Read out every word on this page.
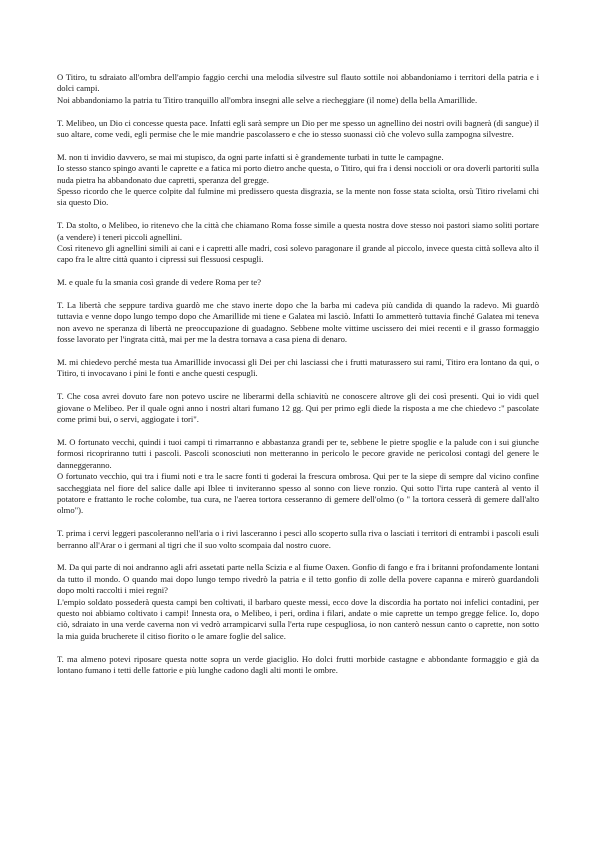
O Titiro, tu sdraiato all'ombra dell'ampio faggio cerchi una melodia silvestre sul flauto sottile noi abbandoniamo i territori della patria e i dolci campi.
Noi abbandoniamo la patria tu Titiro tranquillo all'ombra insegni alle selve a riecheggiare (il nome) della bella Amarillide.

T. Melibeo, un Dio ci concesse questa pace. Infatti egli sarà sempre un Dio per me spesso un agnellino dei nostri ovili bagnerà (di sangue) il suo altare, come vedi, egli permise che le mie mandrie pascolassero e che io stesso suonassi ciò che volevo sulla zampogna silvestre.

M. non ti invidio davvero, se mai mi stupisco, da ogni parte infatti si è grandemente turbati in tutte le campagne.
Io stesso stanco spingo avanti le caprette e a fatica mi porto dietro anche questa, o Titiro, qui fra i densi noccioli or ora doverli partoriti sulla nuda pietra ha abbandonato due capretti, speranza del gregge.
Spesso ricordo che le querce colpite dal fulmine mi predissero questa disgrazia, se la mente non fosse stata sciolta, orsù Titiro rivelami chi sia questo Dio.

T. Da stolto, o Melibeo, io ritenevo che la città che chiamano Roma fosse simile a questa nostra dove stesso noi pastori siamo soliti portare (a vendere) i teneri piccoli agnellini.
Così ritenevo gli agnellini simili ai cani e i capretti alle madri, così solevo paragonare il grande al piccolo, invece questa città solleva alto il capo fra le altre città quanto i cipressi sui flessuosi cespugli.

M. e quale fu la smania così grande di vedere Roma per te?

T. La libertà che seppure tardiva guardò me che stavo inerte dopo che la barba mi cadeva più candida di quando la radevo. Mi guardò tuttavia e venne dopo lungo tempo dopo che Amarillide mi tiene e Galatea mi lasciò. Infatti Io ammetterò tuttavia finché Galatea mi teneva non avevo ne speranza di libertà ne preoccupazione di guadagno. Sebbene molte vittime uscissero dei miei recenti e il grasso formaggio fosse lavorato per l'ingrata città, mai per me la destra tornava a casa piena di denaro.

M. mi chiedevo perché mesta tua Amarillide invocassi gli Dei per chi lasciassi che i frutti maturassero sui rami, Titiro era lontano da qui, o Titiro, ti invocavano i pini le fonti e anche questi cespugli.

T. Che cosa avrei dovuto fare non potevo uscire ne liberarmi della schiavitù ne conoscere altrove gli dei così presenti. Qui io vidi quel giovane o Melibeo. Per il quale ogni anno i nostri altari fumano 12 gg. Qui per primo egli diede la risposta a me che chiedevo :" pascolate come primi bui, o servi, aggiogate i tori".

M. O fortunato vecchi, quindi i tuoi campi ti rimarranno e abbastanza grandi per te, sebbene le pietre spoglie e la palude con i sui giunche formosi ricopriranno tutti i pascoli. Pascoli sconosciuti non metteranno in pericolo le pecore gravide ne pericolosi contagi del genere le danneggeranno.
O fortunato vecchio, qui tra i fiumi noti e tra le sacre fonti ti goderai la frescura ombrosa. Qui per te la siepe di sempre dal vicino confine saccheggiata nel fiore del salice dalle api Iblee ti inviteranno spesso al sonno con lieve ronzio. Qui sotto l'irta rupe canterà al vento il potatore e frattanto le roche colombe, tua cura, ne l'aerea tortora cesseranno di gemere dell'olmo (o " la tortora cesserà di gemere dall'alto olmo").

T. prima i cervi leggeri pascoleranno nell'aria o i rivi lasceranno i pesci allo scoperto sulla riva o lasciati i territori di entrambi i pascoli esuli berranno all'Arar o i germani al tigri che il suo volto scompaia dal nostro cuore.

M. Da qui parte di noi andranno agli afri assetati parte nella Scizia e al fiume Oaxen. Gonfio di fango e fra i britanni profondamente lontani da tutto il mondo. O quando mai dopo lungo tempo rivedrò la patria e il tetto gonfio di zolle della povere capanna e mirerò guardandoli dopo molti raccolti i miei regni?
L'empio soldato possederà questa campi ben coltivati, il barbaro queste messi, ecco dove la discordia ha portato noi infelici contadini, per questo noi abbiamo coltivato i campi! Innesta ora, o Melibeo, i peri, ordina i filari, andate o mie caprette un tempo gregge felice. Io, dopo ciò, sdraiato in una verde caverna non vi vedrò arrampicarvi sulla l'erta rupe cespugliosa, io non canterò nessun canto o caprette, non sotto la mia guida brucherete il citiso fiorito o le amare foglie del salice.

T. ma almeno potevi riposare questa notte sopra un verde giaciglio. Ho dolci frutti morbide castagne e abbondante formaggio e già da lontano fumano i tetti delle fattorie e più lunghe cadono dagli alti monti le ombre.
